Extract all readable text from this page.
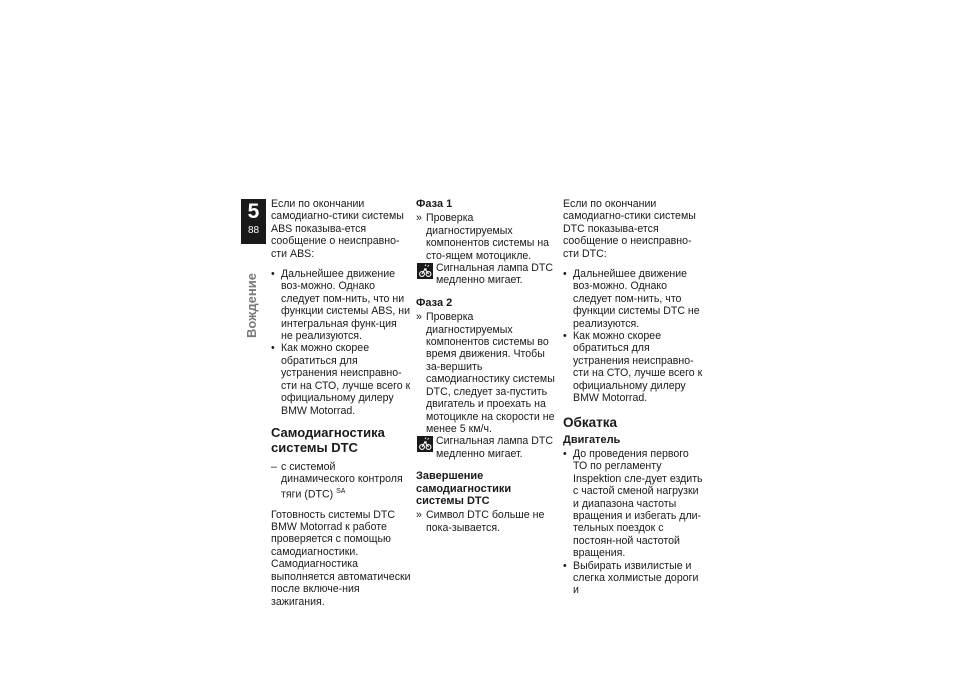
5
88
Вождение

Если по окончании самодиагно-стики системы ABS показыва-ется сообщение о неисправно-сти ABS:

• Дальнейшее движение воз-можно. Однако следует пом-нить, что ни функции системы ABS, ни интегральная функ-ция не реализуются.
• Как можно скорее обратиться для устранения неисправно-сти на СТО, лучше всего к официальному дилеру BMW Motorrad.
Самодиагностика системы DTC
– с системой динамического контроля тяги (DTC) $^{SA}$

Готовность системы DTC BMW Motorrad к работе проверяется с помощью самодиагностики. Самодиагностика выполняется автоматически после включе-ния зажигания.

Фаза 1
» Проверка диагностируемых компонентов системы на сто-ящем мотоцикле.
Сигнальная лампа DTC медленно мигает.
Фаза 2
» Проверка диагностируемых компонентов системы во время движения. Чтобы за-вершить самодиагностику системы DTC, следует за-пустить двигатель и проехать на мотоцикле на скорости не менее 5 км/ч.
Сигнальная лампа DTC медленно мигает.
Завершение самодиагностики системы DTC
» Символ DTC больше не пока-зывается.

Если по окончании самодиагно-стики системы DTC показыва-ется сообщение о неисправно-сти DTC:

• Дальнейшее движение воз-можно. Однако следует пом-нить, что функции системы DTC не реализуются.
• Как можно скорее обратиться для устранения неисправно-сти на СТО, лучше всего к официальному дилеру BMW Motorrad.
Обкатка
Двигатель
• До проведения первого ТО по регламенту Inspektion сле-дует ездить с частой сменой нагрузки и диапазона частоты вращения и избегать дли-тельных поездок с постоян-ной частотой вращения.
• Выбирать извилистые и слегка холмистые дороги и
